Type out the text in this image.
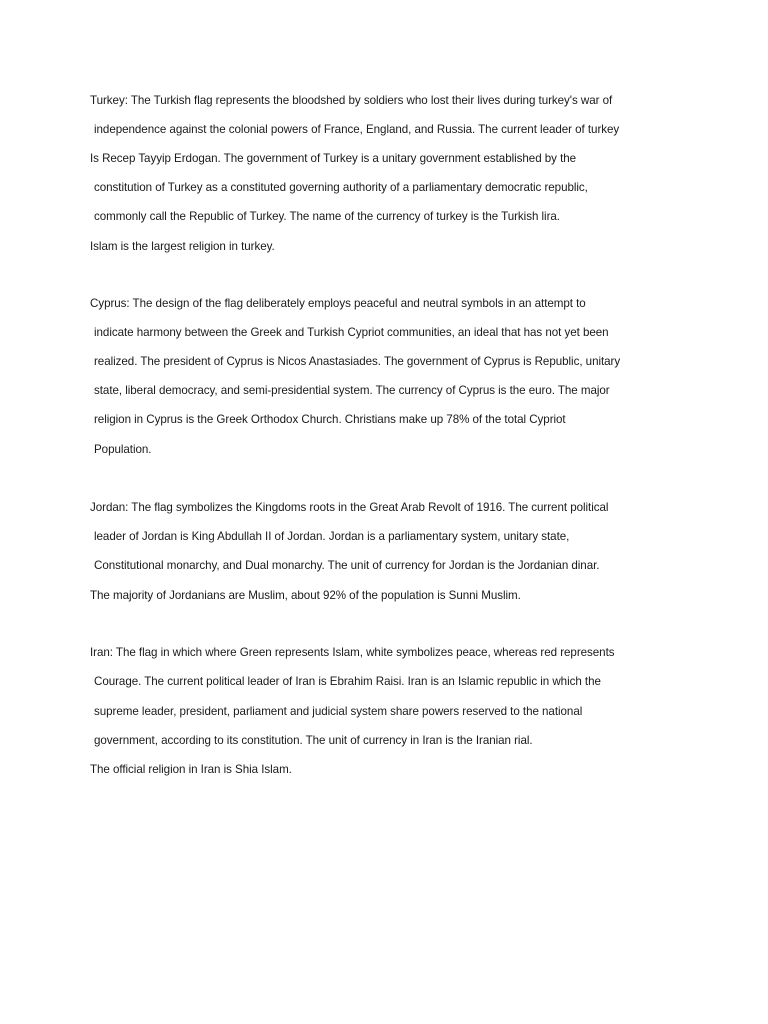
Turkey: The Turkish flag represents the bloodshed by soldiers who lost their lives during turkey's war of
independence against the colonial powers of France, England, and Russia. The current leader of turkey
Is Recep Tayyip Erdogan. The government of Turkey is a unitary government established by the
constitution of Turkey as a constituted governing authority of a parliamentary democratic republic,
commonly call the Republic of Turkey. The name of the currency of turkey is the Turkish lira.
Islam is the largest religion in turkey.
Cyprus: The design of the flag deliberately employs peaceful and neutral symbols in an attempt to
indicate harmony between the Greek and Turkish Cypriot communities, an ideal that has not yet been
realized. The president of Cyprus is Nicos Anastasiades. The government of Cyprus is Republic, unitary
state, liberal democracy, and semi-presidential system. The currency of Cyprus is the euro. The major
religion in Cyprus is the Greek Orthodox Church. Christians make up 78% of the total Cypriot
Population.
Jordan: The flag symbolizes the Kingdoms roots in the Great Arab Revolt of 1916. The current political
leader of Jordan is King Abdullah II of Jordan. Jordan is a parliamentary system, unitary state,
Constitutional monarchy, and Dual monarchy. The unit of currency for Jordan is the Jordanian dinar.
The majority of Jordanians are Muslim, about 92% of the population is Sunni Muslim.
Iran: The flag in which where Green represents Islam, white symbolizes peace, whereas red represents
Courage. The current political leader of Iran is Ebrahim Raisi. Iran is an Islamic republic in which the
supreme leader, president, parliament and judicial system share powers reserved to the national
government, according to its constitution. The unit of currency in Iran is the Iranian rial.
The official religion in Iran is Shia Islam.
